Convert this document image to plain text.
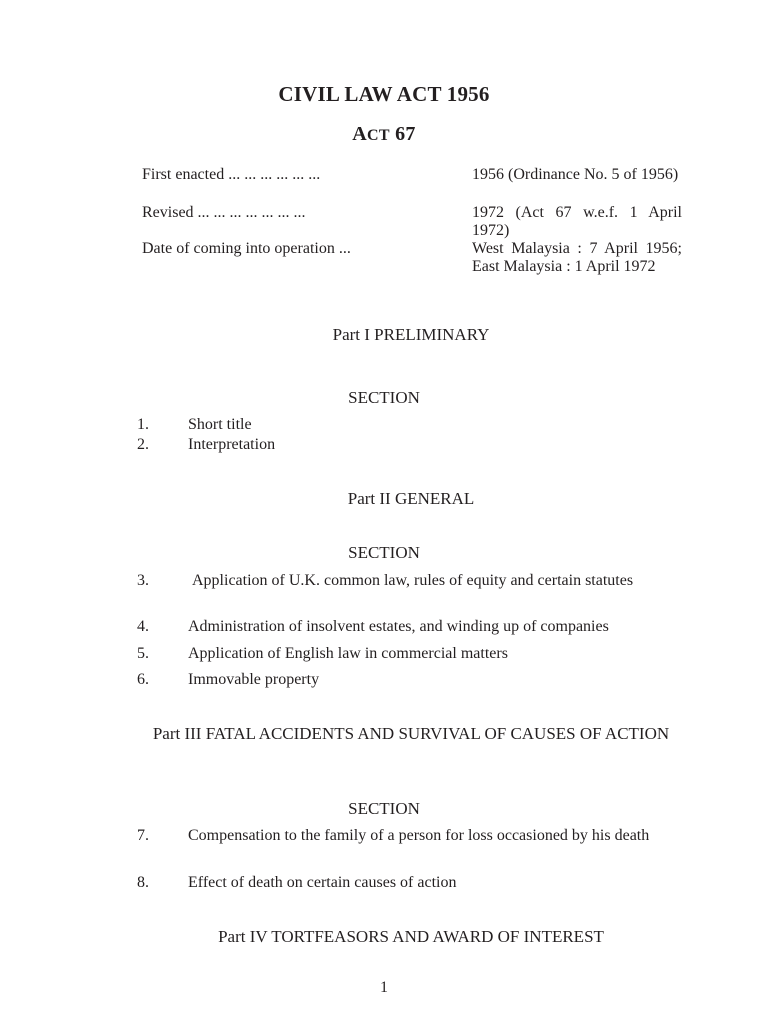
CIVIL LAW ACT 1956
ACT 67
First enacted ... ... ... ... ... ...	1956 (Ordinance No. 5 of 1956)
Revised ... ... ... ... ... ... ...	1972 (Act 67 w.e.f. 1 April 1972)
Date of coming into operation ...	West Malaysia : 7 April 1956; East Malaysia : 1 April 1972
Part I PRELIMINARY
SECTION
1. Short title
2. Interpretation
Part II GENERAL
SECTION
3.	Application of U.K. common law, rules of equity and certain statutes
4. Administration of insolvent estates, and winding up of companies
5. Application of English law in commercial matters
6. Immovable property
Part III FATAL ACCIDENTS AND SURVIVAL OF CAUSES OF ACTION
SECTION
7. Compensation to the family of a person for loss occasioned by his death
8. Effect of death on certain causes of action
Part IV TORTFEASORS AND AWARD OF INTEREST
1
